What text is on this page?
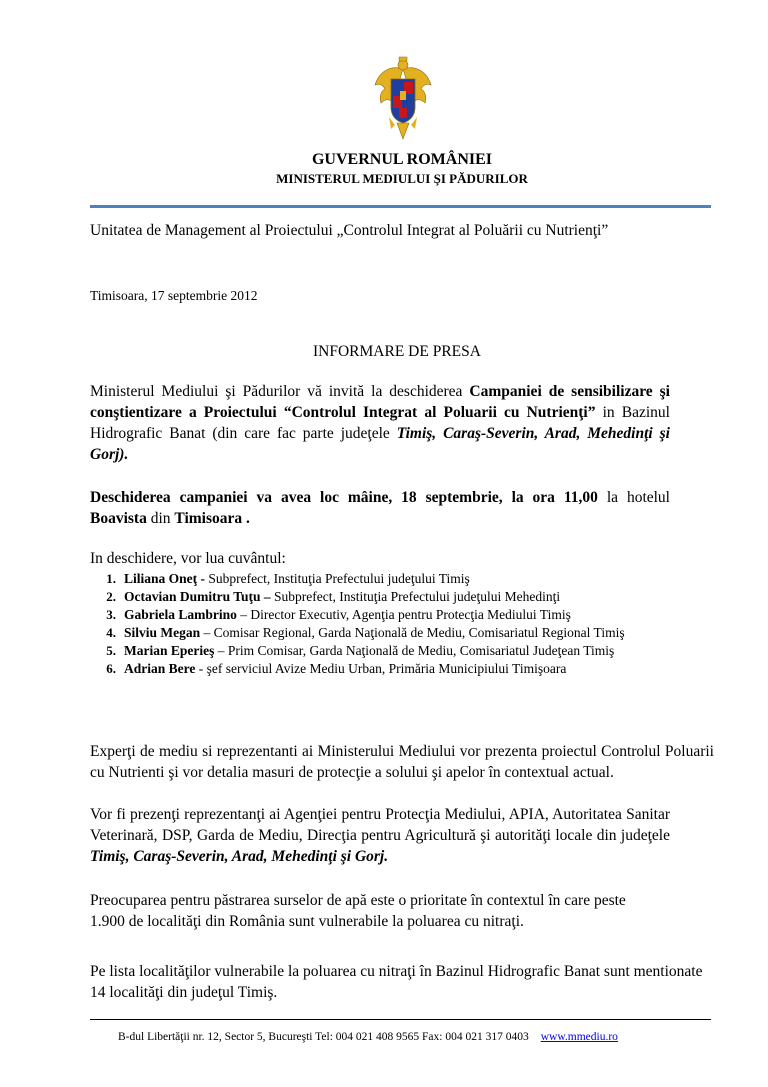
GUVERNUL ROMÂNIEI
MINISTERUL MEDIULUI ŞI PĂDURILOR
Unitatea de Management al Proiectului „Controlul Integrat al Poluării cu Nutrienţi”
Timisoara, 17 septembrie 2012
INFORMARE DE PRESA
Ministerul Mediului şi Pădurilor vă invită la deschiderea Campaniei de sensibilizare şi conştientizare a Proiectului “Controlul Integrat al Poluarii cu Nutrienţi” in Bazinul Hidrografic Banat (din care fac parte judeţele Timiş, Caraş-Severin, Arad, Mehedinţi şi Gorj).
Deschiderea campaniei va avea loc mâine, 18 septembrie, la ora 11,00 la hotelul Boavista din Timisoara .
In deschidere, vor lua cuvântul:
1. Liliana Oneţ - Subprefect, Instituţia Prefectului judeţului Timiş
2. Octavian Dumitru Tuţu – Subprefect, Instituţia Prefectului judeţului Mehedinţi
3. Gabriela Lambrino – Director Executiv, Agenţia pentru Protecţia Mediului Timiş
4. Silviu Megan – Comisar Regional, Garda Naţională de Mediu, Comisariatul Regional Timiş
5. Marian Eperieş – Prim Comisar, Garda Naţională de Mediu, Comisariatul Judeţean Timiş
6. Adrian Bere - şef serviciul Avize Mediu Urban, Primăria Municipiului Timişoara
Experţi de mediu si reprezentanti ai Ministerului Mediului vor prezenta proiectul Controlul Poluarii cu Nutrienti şi vor detalia masuri de protecţie a solului şi apelor în contextual actual.
Vor fi prezenţi reprezentanţi ai Agenţiei pentru Protecţia Mediului, APIA, Autoritatea Sanitar Veterinară, DSP, Garda de Mediu, Direcţia pentru Agricultură şi autorităţi locale din judeţele Timiş, Caraş-Severin, Arad, Mehedinţi şi Gorj.
Preocuparea pentru păstrarea surselor de apă este o prioritate în contextul în care peste 1.900 de localităţi din România sunt vulnerabile la poluarea cu nitraţi.
Pe lista localităţilor vulnerabile la poluarea cu nitraţi în Bazinul Hidrografic Banat sunt mentionate 14 localităţi din judeţul Timiş.
B-dul Libertăţii nr. 12, Sector 5, Bucureşti Tel: 004 021 408 9565 Fax: 004 021 317 0403 www.mmediu.ro
